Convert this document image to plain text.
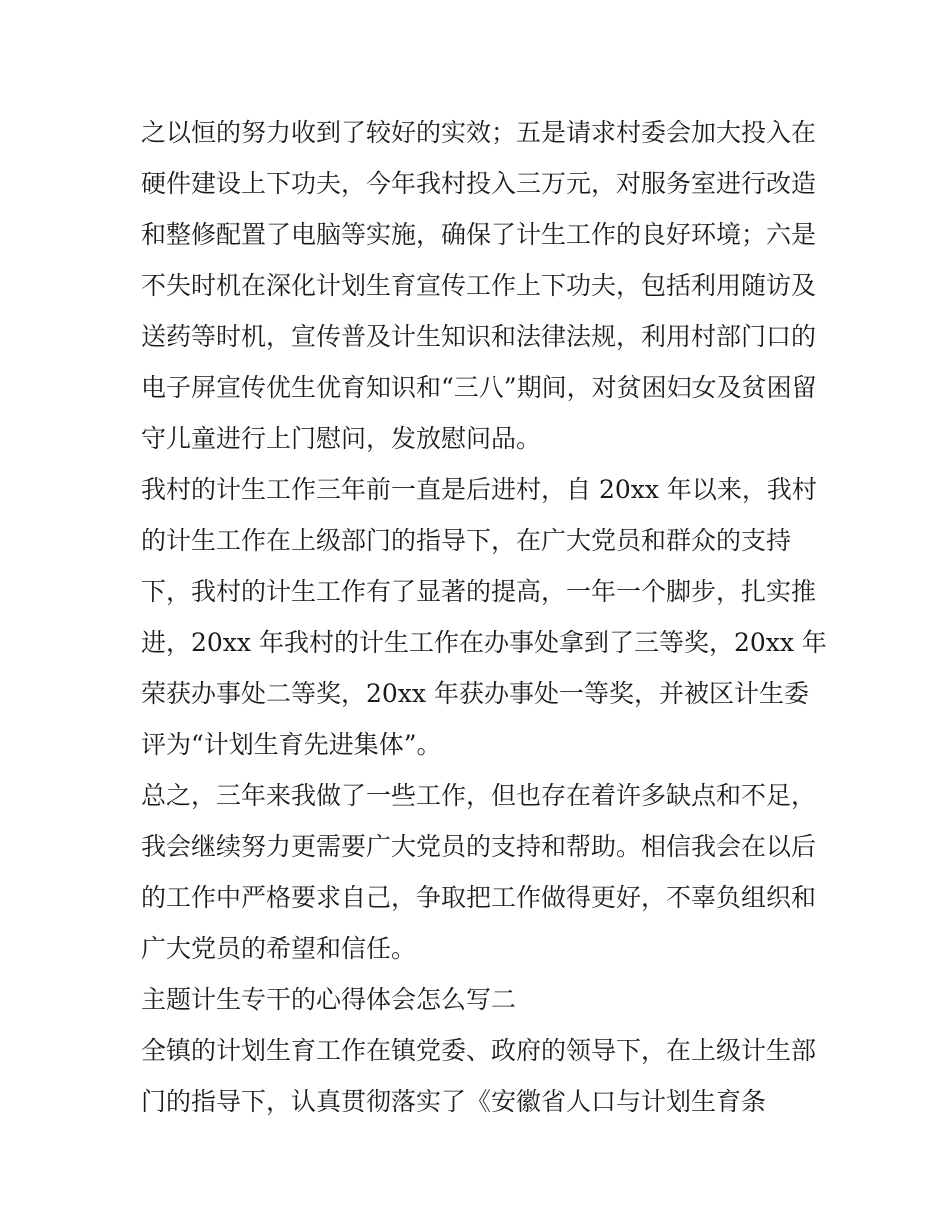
之以恒的努力收到了较好的实效；五是请求村委会加大投入在
硬件建设上下功夫，今年我村投入三万元，对服务室进行改造
和整修配置了电脑等实施，确保了计生工作的良好环境；六是
不失时机在深化计划生育宣传工作上下功夫，包括利用随访及
送药等时机，宣传普及计生知识和法律法规，利用村部门口的
电子屏宣传优生优育知识和“三八”期间，对贫困妇女及贫困留
守儿童进行上门慰问，发放慰问品。
我村的计生工作三年前一直是后进村，自 20xx 年以来，我村
的计生工作在上级部门的指导下，在广大党员和群众的支持
下，我村的计生工作有了显著的提高，一年一个脚步，扎实推
进，20xx 年我村的计生工作在办事处拿到了三等奖，20xx 年
荣获办事处二等奖，20xx 年获办事处一等奖，并被区计生委
评为“计划生育先进集体”。
总之，三年来我做了一些工作，但也存在着许多缺点和不足，
我会继续努力更需要广大党员的支持和帮助。相信我会在以后
的工作中严格要求自己，争取把工作做得更好，不辜负组织和
广大党员的希望和信任。
主题计生专干的心得体会怎么写二
全镇的计划生育工作在镇党委、政府的领导下，在上级计生部
门的指导下，认真贯彻落实了《安徽省人口与计划生育条
